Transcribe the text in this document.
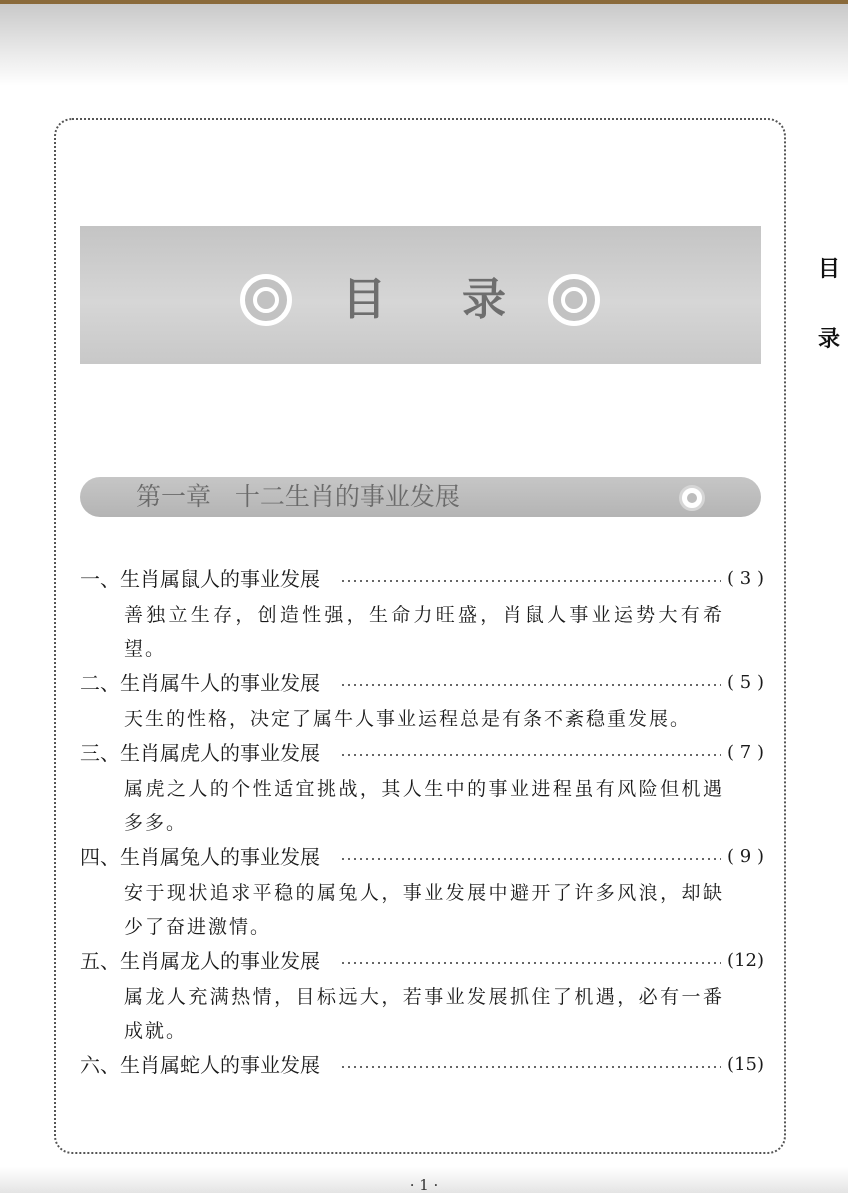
目 录
目
录
第一章   十二生肖的事业发展
一、生肖属鼠人的事业发展	( 3 )
善独立生存，创造性强，生命力旺盛，肖鼠人事业运势大有希望。
二、生肖属牛人的事业发展	( 5 )
天生的性格，决定了属牛人事业运程总是有条不紊稳重发展。
三、生肖属虎人的事业发展	( 7 )
属虎之人的个性适宜挑战，其人生中的事业进程虽有风险但机遇多多。
四、生肖属兔人的事业发展	( 9 )
安于现状追求平稳的属兔人，事业发展中避开了许多风浪，却缺少了奋进激情。
五、生肖属龙人的事业发展	(12)
属龙人充满热情，目标远大，若事业发展抓住了机遇，必有一番成就。
六、生肖属蛇人的事业发展	(15)
· 1 ·
